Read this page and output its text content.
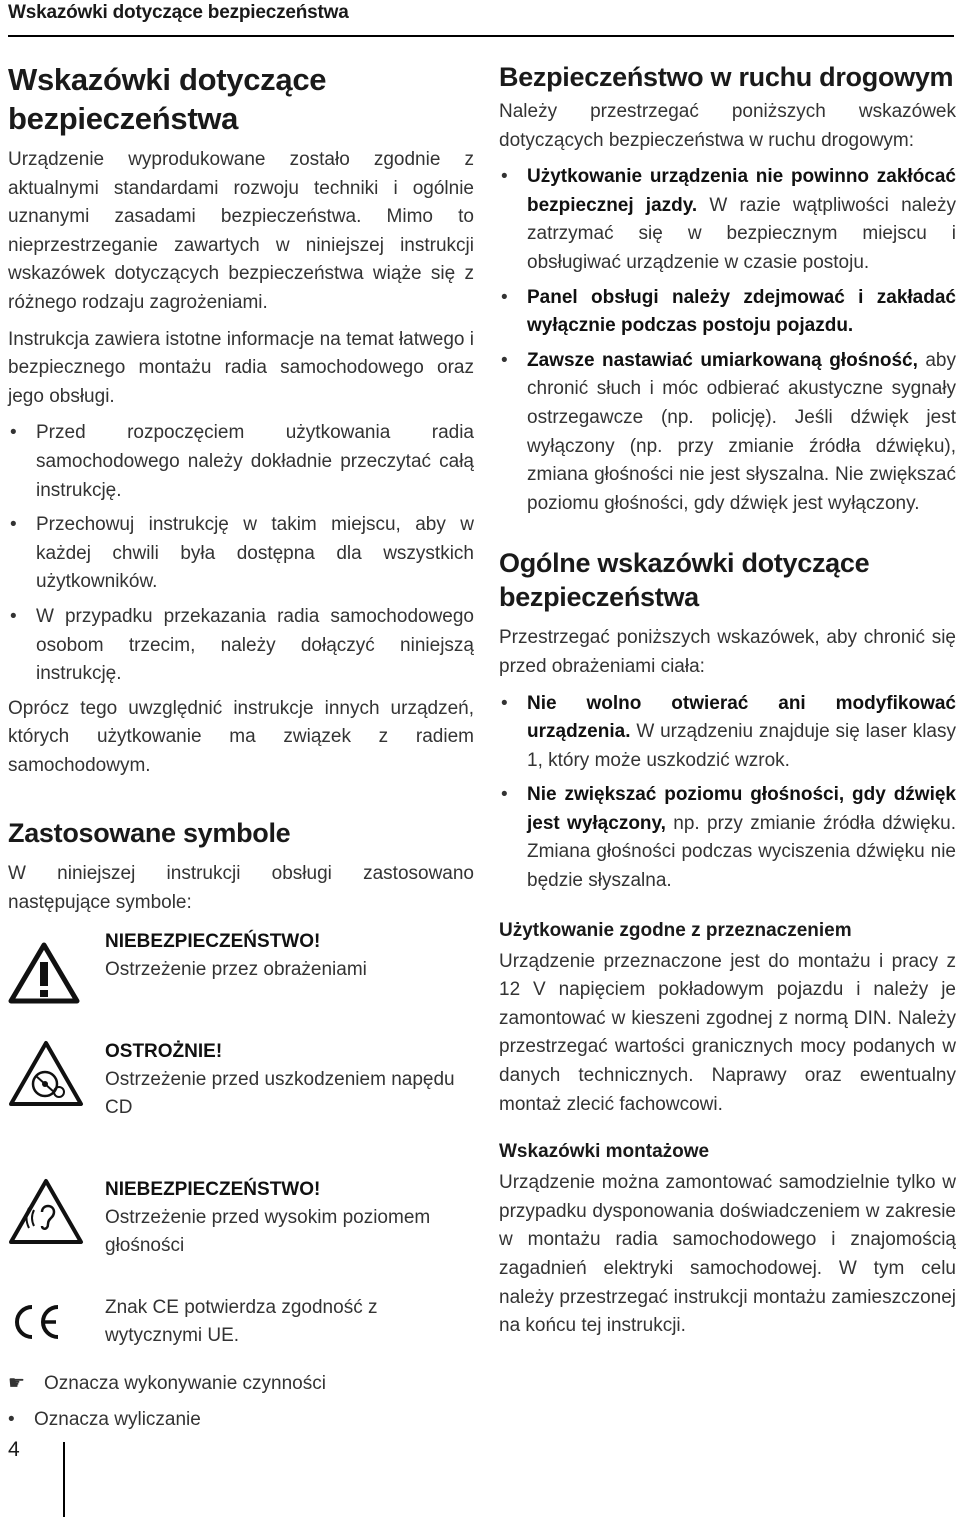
Wskazówki dotyczące bezpieczeństwa
Wskazówki dotyczące bezpieczeństwa

Urządzenie wyprodukowane zostało zgodnie z aktualnymi standardami rozwoju techniki i ogólnie uznanymi zasadami bezpieczeństwa. Mimo to nieprzestrzeganie zawartych w niniejszej instrukcji wskazówek dotyczących bezpieczeństwa wiąże się z różnego rodzaju zagrożeniami.

Instrukcja zawiera istotne informacje na temat łatwego i bezpiecznego montażu radia samochodowego oraz jego obsługi.

• Przed rozpoczęciem użytkowania radia samochodowego należy dokładnie przeczytać całą instrukcję.
• Przechowuj instrukcję w takim miejscu, aby w każdej chwili była dostępna dla wszystkich użytkowników.
• W przypadku przekazania radia samochodowego osobom trzecim, należy dołączyć niniejszą instrukcję.

Oprócz tego uwzględnić instrukcje innych urządzeń, których użytkowanie ma związek z radiem samochodowym.

Zastosowane symbole

W niniejszej instrukcji obsługi zastosowano następujące symbole:

NIEBEZPIECZEŃSTWO!
Ostrzeżenie przez obrażeniami
OSTROŻNIE!
Ostrzeżenie przed uszkodzeniem napędu CD
NIEBEZPIECZEŃSTWO!
Ostrzeżenie przed wysokim poziomem głośności
Znak CE potwierdza zgodność z wytycznymi UE.
☛ Oznacza wykonywanie czynności
• Oznacza wyliczanie
Bezpieczeństwo w ruchu drogowym

Należy przestrzegać poniższych wskazówek dotyczących bezpieczeństwa w ruchu drogowym:

• Użytkowanie urządzenia nie powinno zakłócać bezpiecznej jazdy. W razie wątpliwości należy zatrzymać się w bezpiecznym miejscu i obsługiwać urządzenie w czasie postoju.
• Panel obsługi należy zdejmować i zakładać wyłącznie podczas postoju pojazdu.
• Zawsze nastawiać umiarkowaną głośność, aby chronić słuch i móc odbierać akustyczne sygnały ostrzegawcze (np. policję). Jeśli dźwięk jest wyłączony (np. przy zmianie źródła dźwięku), zmiana głośności nie jest słyszalna. Nie zwiększać poziomu głośności, gdy dźwięk jest wyłączony.
Ogólne wskazówki dotyczące bezpieczeństwa

Przestrzegać poniższych wskazówek, aby chronić się przed obrażeniami ciała:

• Nie wolno otwierać ani modyfikować urządzenia. W urządzeniu znajduje się laser klasy 1, który może uszkodzić wzrok.
• Nie zwiększać poziomu głośności, gdy dźwięk jest wyłączony, np. przy zmianie źródła dźwięku. Zmiana głośności podczas wyciszenia dźwięku nie będzie słyszalna.
Użytkowanie zgodne z przeznaczeniem

Urządzenie przeznaczone jest do montażu i pracy z 12 V napięciem pokładowym pojazdu i należy je zamontować w kieszeni zgodnej z normą DIN. Należy przestrzegać wartości granicznych mocy podanych w danych technicznych. Naprawy oraz ewentualny montaż zlecić fachowcowi.

Wskazówki montażowe

Urządzenie można zamontować samodzielnie tylko w przypadku dysponowania doświadczeniem w zakresie w montażu radia samochodowego i znajomością zagadnień elektryki samochodowej. W tym celu należy przestrzegać instrukcji montażu zamieszczonej na końcu tej instrukcji.

4
